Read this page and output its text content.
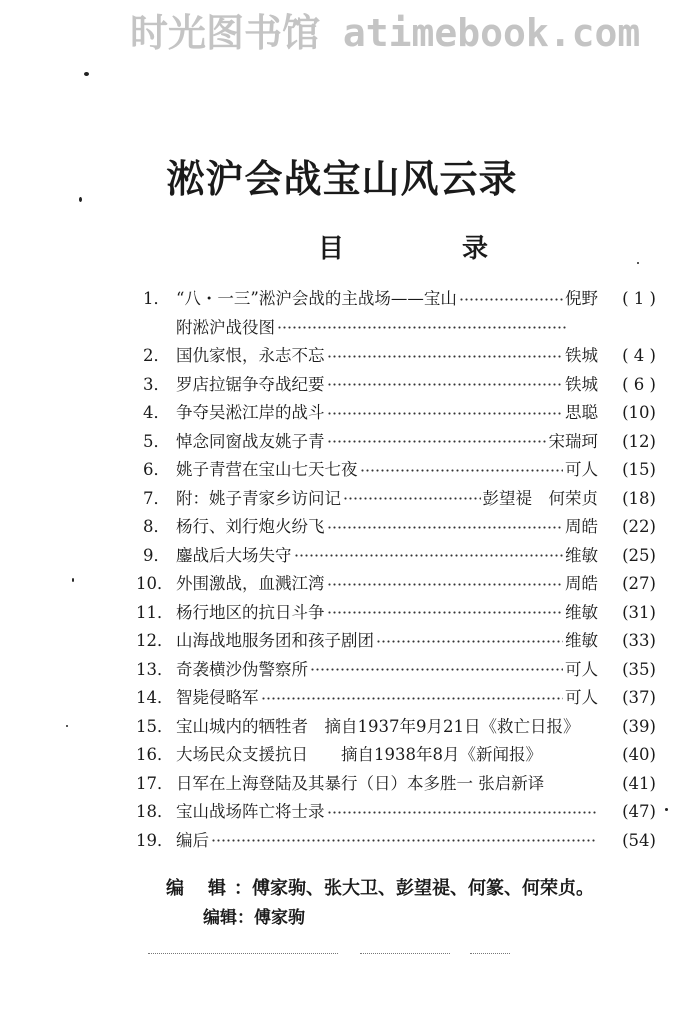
时光图书馆 atimebook.com
淞沪会战宝山风云录
目	录
1． “八・一三”淞沪会战的主战场——宝山	倪野	( 1 )
附淞沪战役图
2． 国仇家恨，永志不忘	铁城	( 4 )
3． 罗店拉锯争夺战纪要	铁城	( 6 )
4． 争夺吴淞江岸的战斗	思聪	(10)
5． 悼念同窗战友姚子青	宋瑞珂	(12)
6． 姚子青营在宝山七天七夜	可人	(15)
7． 附：姚子青家乡访问记	彭望禔　何荣贞	(18)
8． 杨行、刘行炮火纷飞	周皓	(22)
9． 鏖战后大场失守	维敏	(25)
10． 外围激战，血溅江湾	周皓	(27)
11． 杨行地区的抗日斗争	维敏	(31)
12． 山海战地服务团和孩子剧团	维敏	(33)
13． 奇袭横沙伪警察所	可人	(35)
14． 智毙侵略军	可人	(37)
15． 宝山城内的牺牲者　摘自1937年9月21日《救亡日报》	(39)
16． 大场民众支援抗日　　摘自1938年8月《新闻报》	(40)
17． 日军在上海登陆及其暴行（日）本多胜一 张启新译	(41)
18． 宝山战场阵亡将士录	(47)
19． 编后	(54)
编辑：傅家驹、张大卫、彭望禔、何篆、何荣贞。
编辑：傅家驹
